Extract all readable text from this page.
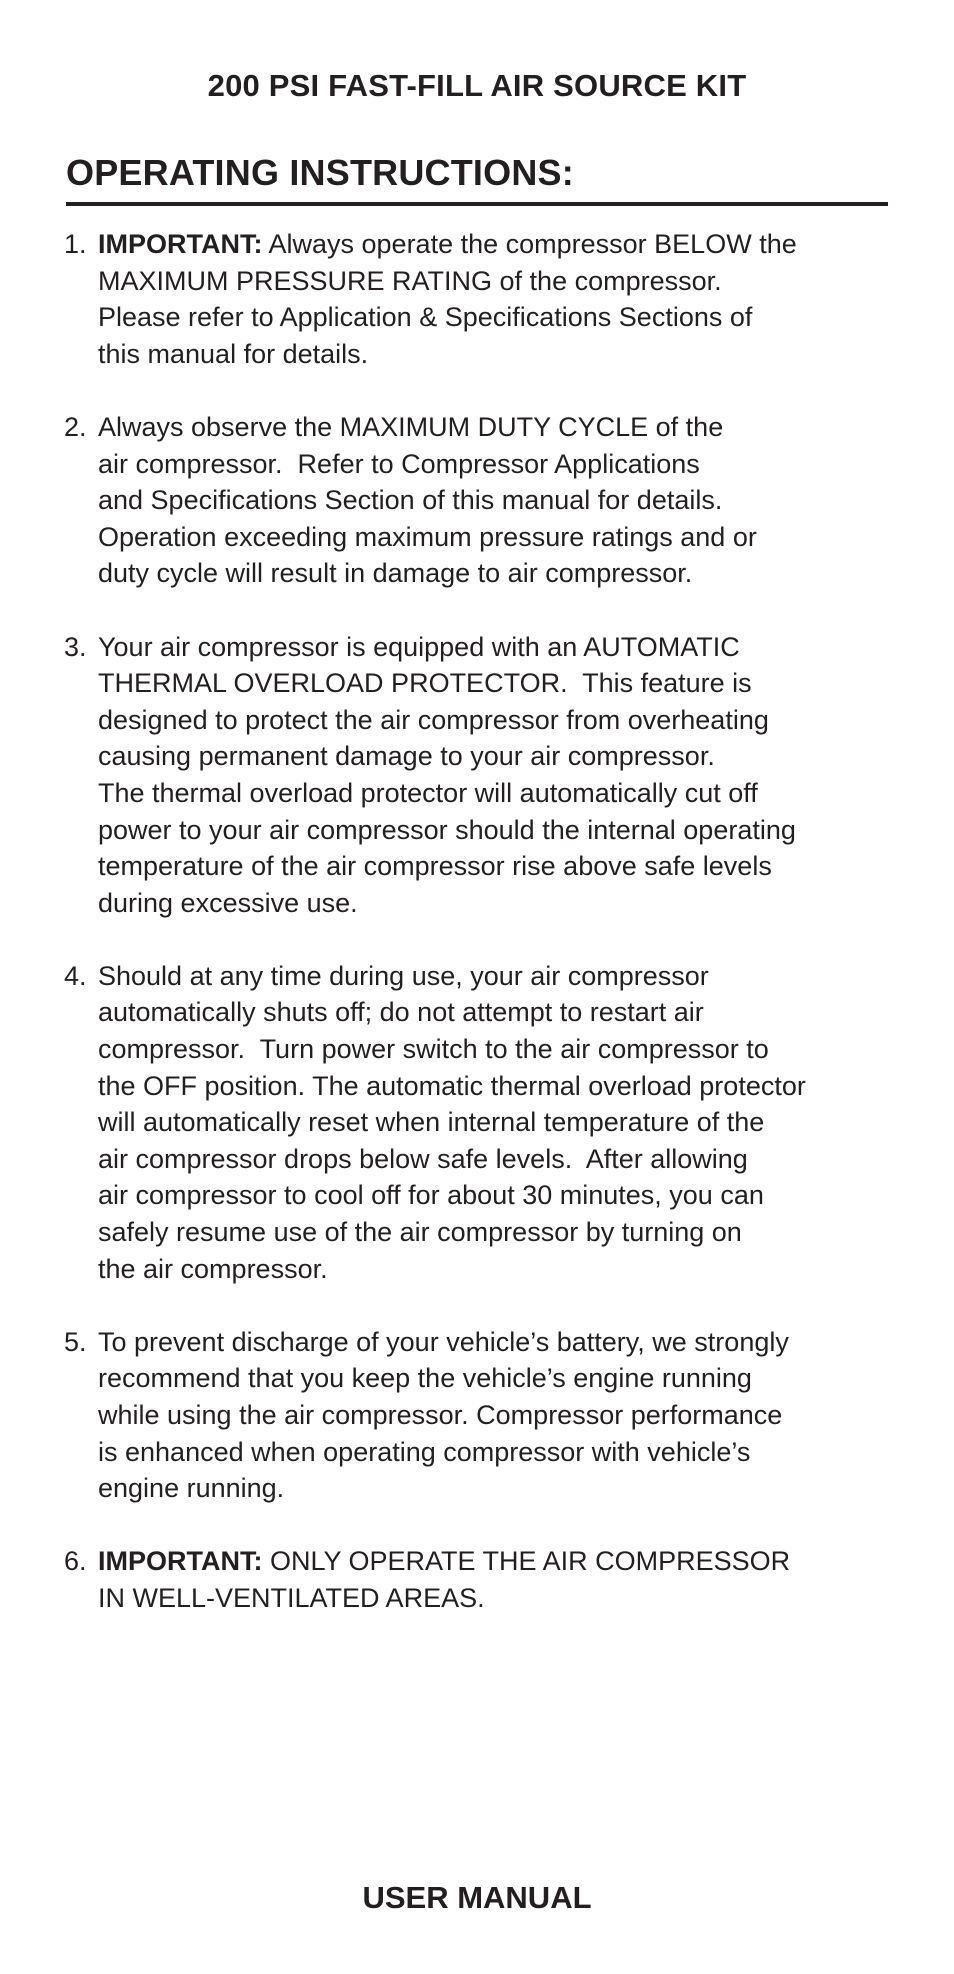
200 PSI FAST-FILL AIR SOURCE KIT
OPERATING INSTRUCTIONS:
1. IMPORTANT: Always operate the compressor BELOW the
MAXIMUM PRESSURE RATING of the compressor.
Please refer to Application & Specifications Sections of
this manual for details.
2. Always observe the MAXIMUM DUTY CYCLE of the
air compressor.  Refer to Compressor Applications
and Specifications Section of this manual for details.
Operation exceeding maximum pressure ratings and or
duty cycle will result in damage to air compressor.
3. Your air compressor is equipped with an AUTOMATIC
THERMAL OVERLOAD PROTECTOR.  This feature is
designed to protect the air compressor from overheating
causing permanent damage to your air compressor.
The thermal overload protector will automatically cut off
power to your air compressor should the internal operating
temperature of the air compressor rise above safe levels
during excessive use.
4. Should at any time during use, your air compressor
automatically shuts off; do not attempt to restart air
compressor.  Turn power switch to the air compressor to
the OFF position. The automatic thermal overload protector
will automatically reset when internal temperature of the
air compressor drops below safe levels.  After allowing
air compressor to cool off for about 30 minutes, you can
safely resume use of the air compressor by turning on
the air compressor.
5. To prevent discharge of your vehicle’s battery, we strongly
recommend that you keep the vehicle’s engine running
while using the air compressor. Compressor performance
is enhanced when operating compressor with vehicle’s
engine running.
6. IMPORTANT: ONLY OPERATE THE AIR COMPRESSOR
IN WELL-VENTILATED AREAS.
USER MANUAL
